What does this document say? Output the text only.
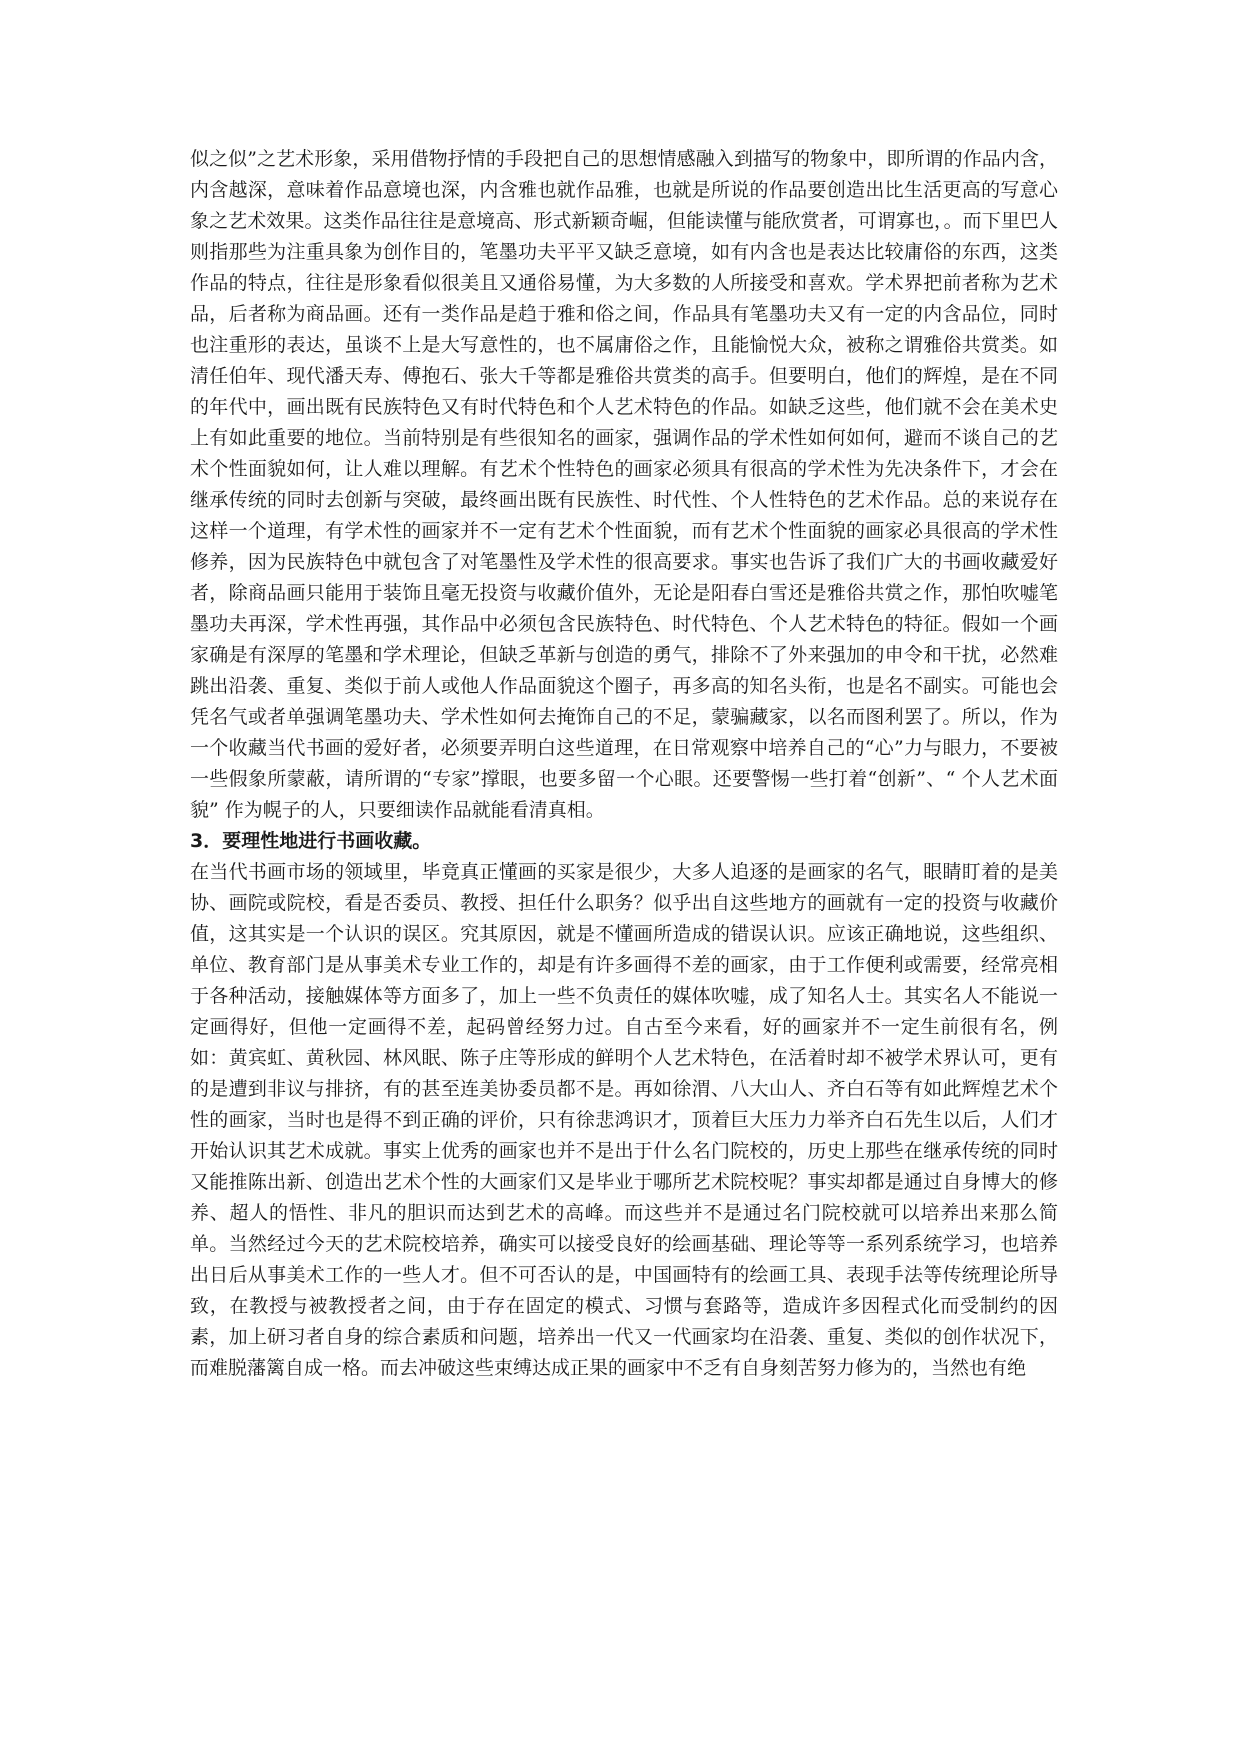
似之似”之艺术形象，采用借物抒情的手段把自己的思想情感融入到描写的物象中，即所谓的作品内含，内含越深，意味着作品意境也深，内含雅也就作品雅，也就是所说的作品要创造出比生活更高的写意心象之艺术效果。这类作品往往是意境高、形式新颖奇崛，但能读懂与能欣赏者，可谓寡也，。而下里巴人则指那些为注重具象为创作目的，笔墨功夫平平又缺乏意境，如有内含也是表达比较庸俗的东西，这类作品的特点，往往是形象看似很美且又通俗易懂，为大多数的人所接受和喜欢。学术界把前者称为艺术品，后者称为商品画。还有一类作品是趋于雅和俗之间，作品具有笔墨功夫又有一定的内含品位，同时也注重形的表达，虽谈不上是大写意性的，也不属庸俗之作，且能愉悦大众，被称之谓雅俗共赏类。如清任伯年、现代潘天寿、傅抱石、张大千等都是雅俗共赏类的高手。但要明白，他们的辉煌，是在不同的年代中，画出既有民族特色又有时代特色和个人艺术特色的作品。如缺乏这些，他们就不会在美术史上有如此重要的地位。当前特别是有些很知名的画家，强调作品的学术性如何如何，避而不谈自己的艺术个性面貌如何，让人难以理解。有艺术个性特色的画家必须具有很高的学术性为先决条件下，才会在继承传统的同时去创新与突破，最终画出既有民族性、时代性、个人性特色的艺术作品。总的来说存在这样一个道理，有学术性的画家并不一定有艺术个性面貌，而有艺术个性面貌的画家必具很高的学术性修养，因为民族特色中就包含了对笔墨性及学术性的很高要求。事实也告诉了我们广大的书画收藏爱好者，除商品画只能用于装饰且毫无投资与收藏价值外，无论是阳春白雪还是雅俗共赏之作，那怕吹嘘笔墨功夫再深，学术性再强，其作品中必须包含民族特色、时代特色、个人艺术特色的特征。假如一个画家确是有深厚的笔墨和学术理论，但缺乏革新与创造的勇气，排除不了外来强加的申令和干扰，必然难跳出沿袭、重复、类似于前人或他人作品面貌这个圈子，再多高的知名头衔，也是名不副实。可能也会凭名气或者单强调笔墨功夫、学术性如何去掩饰自己的不足，蒙骗藏家，以名而图利罢了。所以，作为一个收藏当代书画的爱好者，必须要弄明白这些道理，在日常观察中培养自己的“心”力与眼力，不要被一些假象所蒙蔽，请所谓的“专家”撑眼，也要多留一个心眼。还要警惕一些打着“创新”、“ 个人艺术面貌” 作为幌子的人，只要细读作品就能看清真相。

3．要理性地进行书画收藏。

在当代书画市场的领域里，毕竟真正懂画的买家是很少，大多人追逐的是画家的名气，眼睛盯着的是美协、画院或院校，看是否委员、教授、担任什么职务？似乎出自这些地方的画就有一定的投资与收藏价值，这其实是一个认识的误区。究其原因，就是不懂画所造成的错误认识。应该正确地说，这些组织、单位、教育部门是从事美术专业工作的，却是有许多画得不差的画家，由于工作便利或需要，经常亮相于各种活动，接触媒体等方面多了，加上一些不负责任的媒体吹嘘，成了知名人士。其实名人不能说一定画得好，但他一定画得不差，起码曾经努力过。自古至今来看，好的画家并不一定生前很有名，例如：黄宾虹、黄秋园、林风眠、陈子庄等形成的鲜明个人艺术特色，在活着时却不被学术界认可，更有的是遭到非议与排挤，有的甚至连美协委员都不是。再如徐渭、八大山人、齐白石等有如此辉煌艺术个性的画家，当时也是得不到正确的评价，只有徐悲鸿识才，顶着巨大压力力举齐白石先生以后，人们才开始认识其艺术成就。事实上优秀的画家也并不是出于什么名门院校的，历史上那些在继承传统的同时又能推陈出新、创造出艺术个性的大画家们又是毕业于哪所艺术院校呢？事实却都是通过自身博大的修养、超人的悟性、非凡的胆识而达到艺术的高峰。而这些并不是通过名门院校就可以培养出来那么简单。当然经过今天的艺术院校培养，确实可以接受良好的绘画基础、理论等等一系列系统学习，也培养出日后从事美术工作的一些人才。但不可否认的是，中国画特有的绘画工具、表现手法等传统理论所导致，在教授与被教授者之间，由于存在固定的模式、习惯与套路等，造成许多因程式化而受制约的因素，加上研习者自身的综合素质和问题，培养出一代又一代画家均在沿袭、重复、类似的创作状况下，而难脱藩篱自成一格。而去冲破这些束缚达成正果的画家中不乏有自身刻苦努力修为的，当然也有绝
